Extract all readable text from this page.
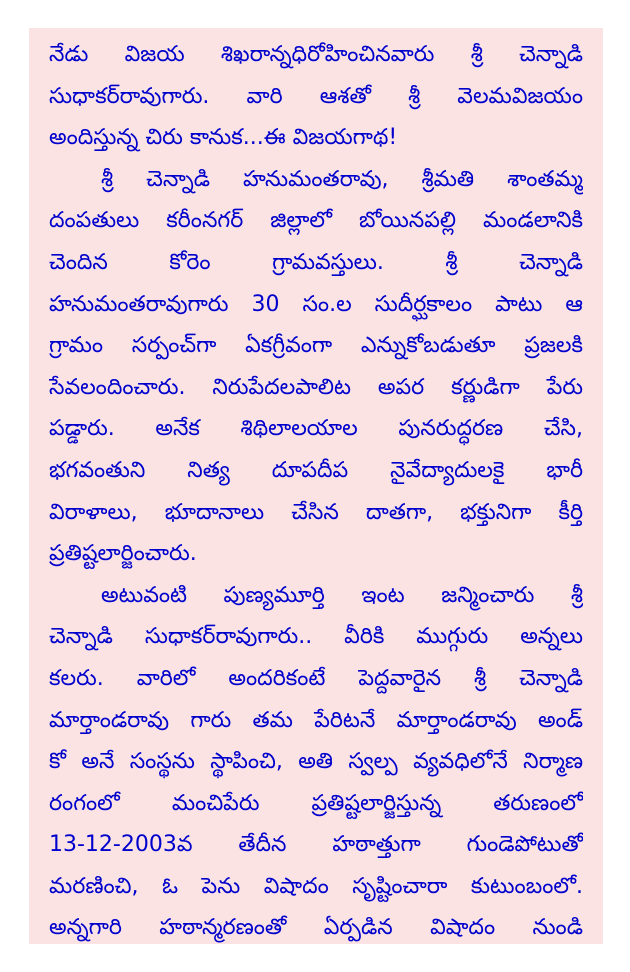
నేడు విజయ శిఖరాన్నధిరోహించినవారు శ్రీ చెన్నాడి
సుధాకర్‌రావుగారు. వారి ఆశతో శ్రీ వెలమవిజయం
అందిస్తున్న చిరు కానుక...ఈ విజయగాథ!
శ్రీ చెన్నాడి హనుమంతరావు, శ్రీమతి శాంతమ్మ
దంపతులు కరీంనగర్ జిల్లాలో బోయినపల్లి మండలానికి
చెందిన కోరెం గ్రామవస్తులు. శ్రీ చెన్నాడి
హనుమంతరావుగారు 30 సం.ల సుదీర్ఘకాలం పాటు ఆ
గ్రామం సర్పంచ్‌గా ఏకగ్రీవంగా ఎన్నుకోబడుతూ ప్రజలకి
సేవలందించారు. నిరుపేదలపాలిట అపర కర్ణుడిగా పేరు
పడ్డారు. అనేక శిథిలాలయాల పునరుద్ధరణ చేసి,
భగవంతుని నిత్య దూపదీప నైవేద్యాదులకై భారీ
విరాళాలు, భూదానాలు చేసిన దాతగా, భక్తునిగా కీర్తి
ప్రతిష్టలార్జించారు.
అటువంటి పుణ్యమూర్తి ఇంట జన్మించారు శ్రీ
చెన్నాడి సుధాకర్‌రావుగారు.. వీరికి ముగ్గురు అన్నలు
కలరు. వారిలో అందరికంటే పెద్దవారైన శ్రీ చెన్నాడి
మార్తాండరావు గారు తమ పేరిటనే మార్తాండరావు అండ్
కో అనే సంస్థను స్థాపించి, అతి స్వల్ప వ్యవధిలోనే నిర్మాణ
రంగంలో మంచిపేరు ప్రతిష్టలార్జిస్తున్న తరుణంలో
13-12-2003వ తేదీన హఠాత్తుగా గుండెపోటుతో
మరణించి, ఓ పెను విషాదం సృష్టించారా కుటుంబంలో.
అన్నగారి హఠాన్మరణంతో ఏర్పడిన విషాదం నుండి
